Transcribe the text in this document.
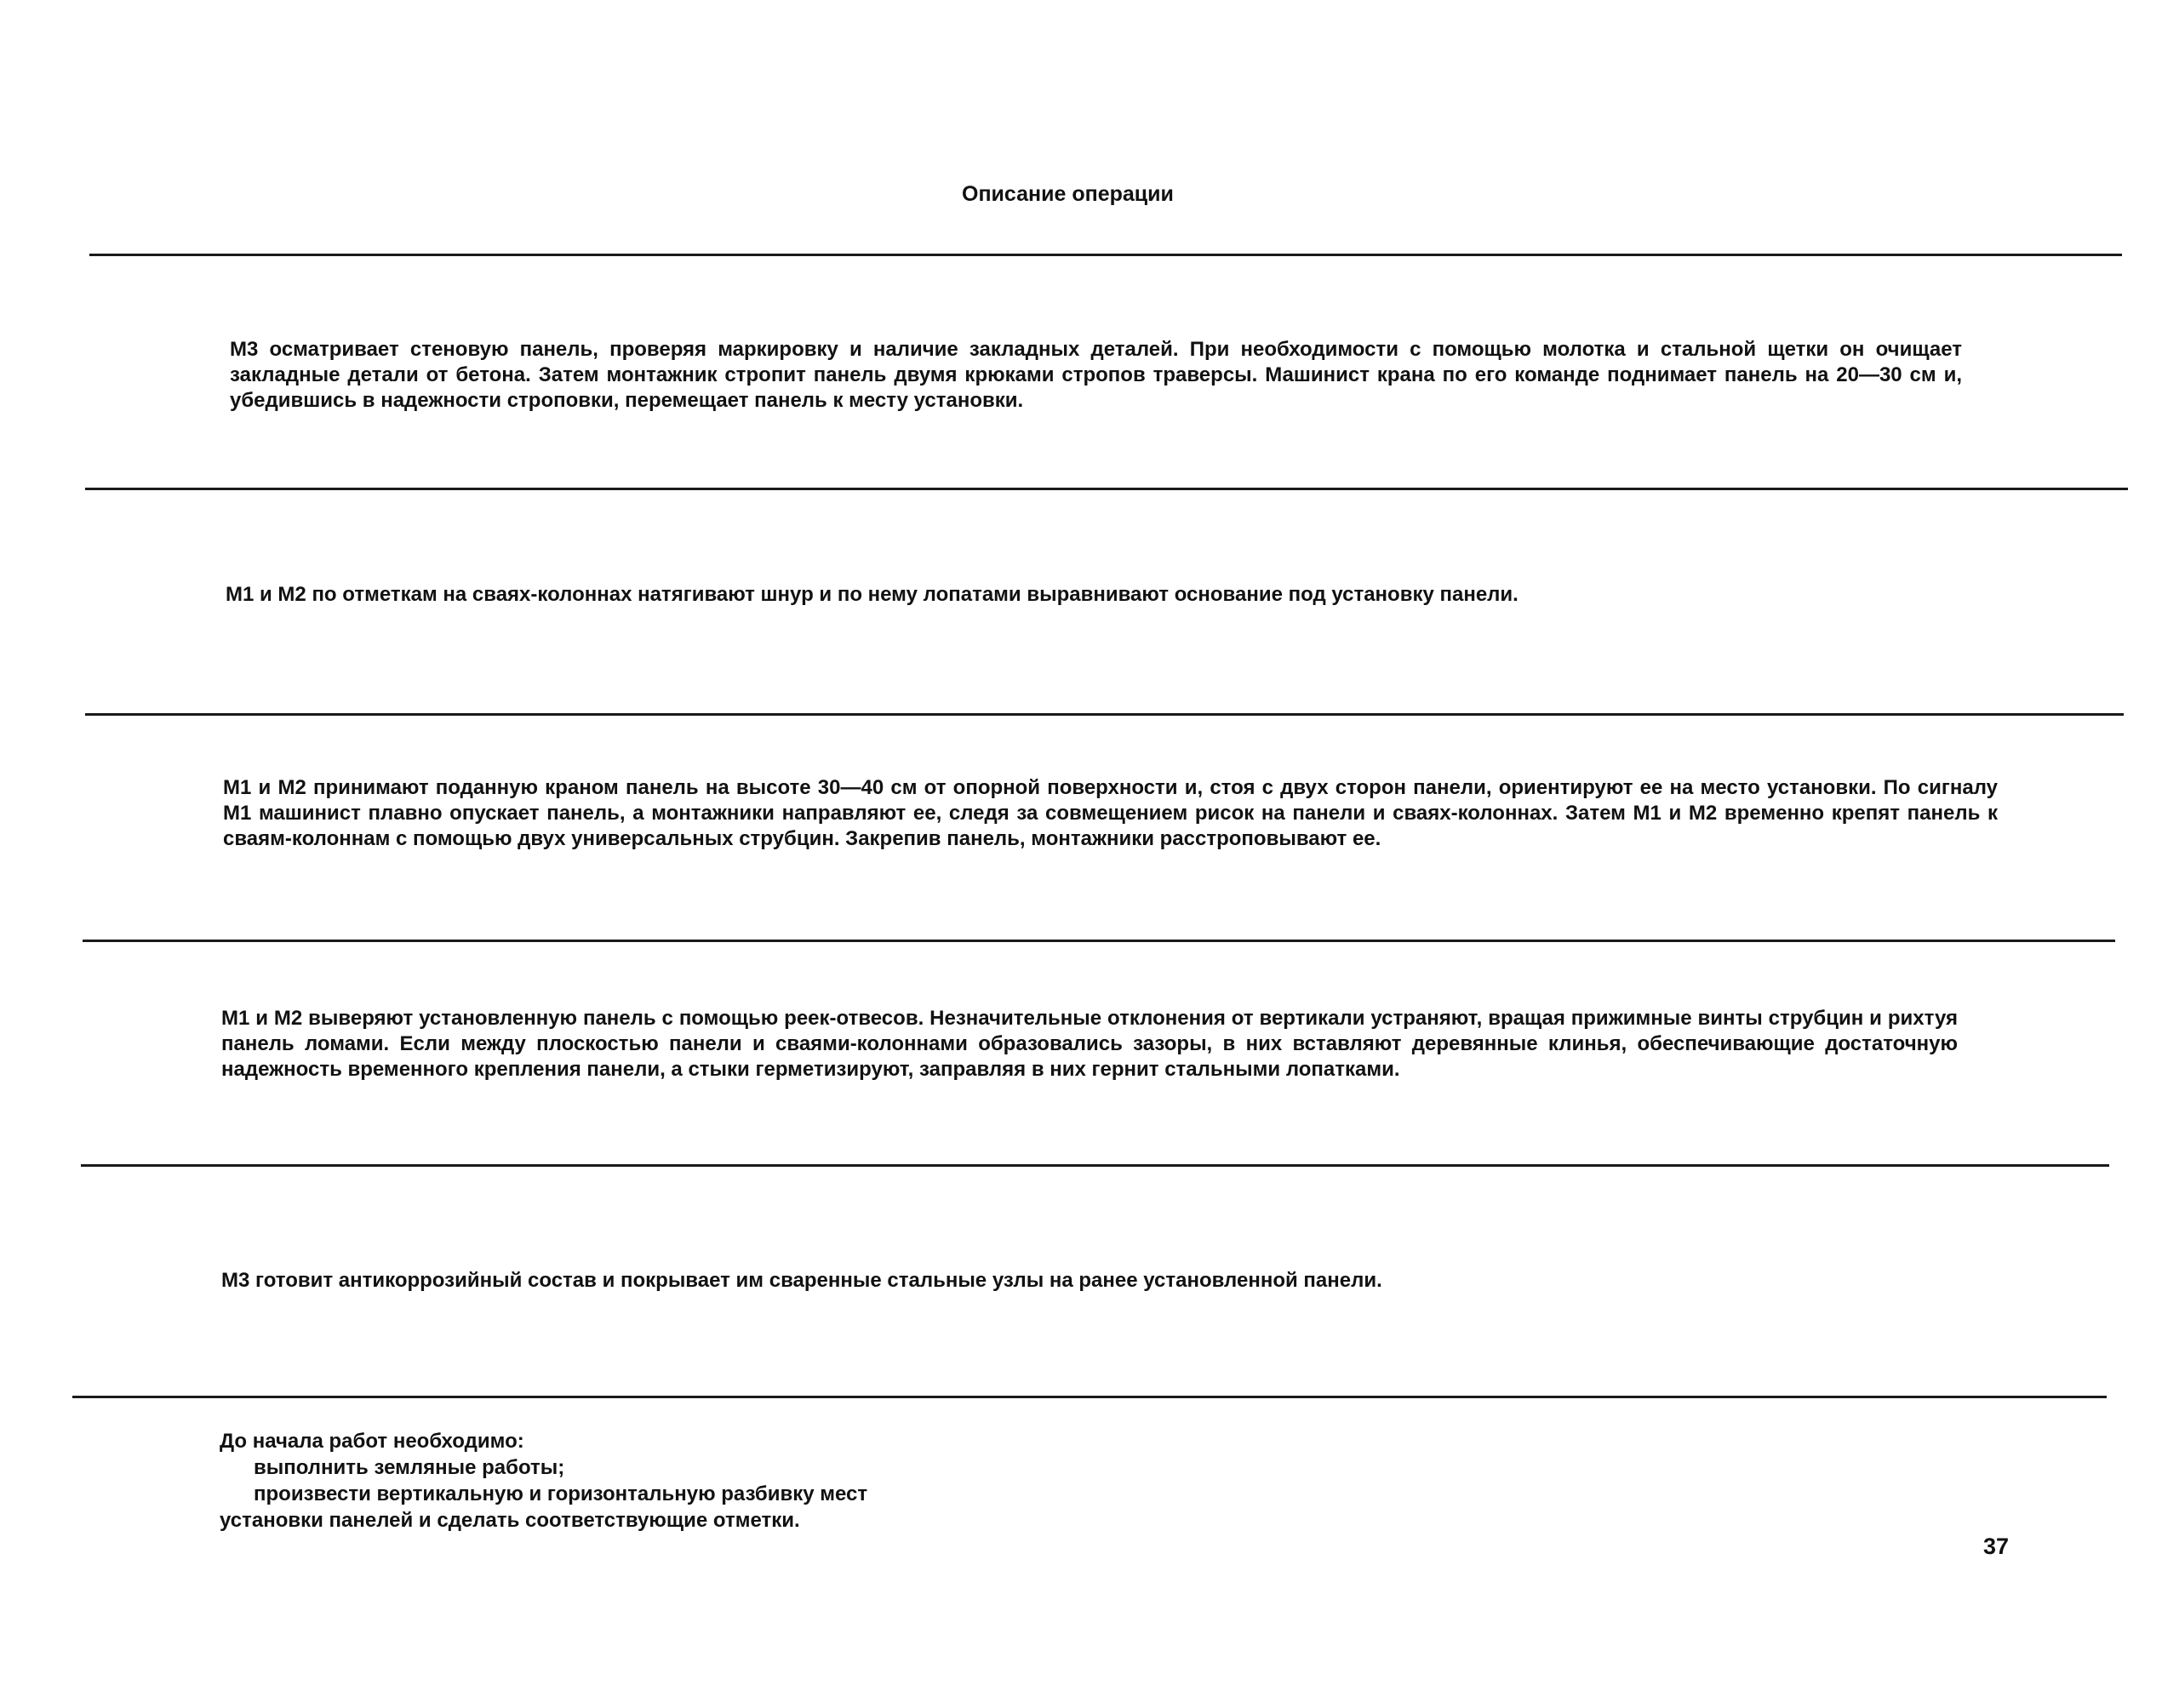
Описание операции
М3 осматривает стеновую панель, проверяя маркировку и наличие закладных деталей. При необходимости с помощью молотка и стальной щетки он очищает закладные детали от бетона. Затем монтажник стропит панель двумя крюками стропов траверсы. Машинист крана по его команде поднимает панель на 20—30 см и, убедившись в надежности строповки, перемещает панель к месту установки.
М1 и М2 по отметкам на сваях-колоннах натягивают шнур и по нему лопатами выравнивают основание под установку панели.
М1 и М2 принимают поданную краном панель на высоте 30—40 см от опорной поверхности и, стоя с двух сторон панели, ориентируют ее на место установки. По сигналу М1 машинист плавно опускает панель, а монтажники направляют ее, следя за совмещением рисок на панели и сваях-колоннах. Затем М1 и М2 временно крепят панель к сваям-колоннам с помощью двух универсальных струбцин. Закрепив панель, монтажники расстроповывают ее.
М1 и М2 выверяют установленную панель с помощью реек-отвесов. Незначительные отклонения от вертикали устраняют, вращая прижимные винты струбцин и рихтуя панель ломами. Если между плоскостью панели и сваями-колоннами образовались зазоры, в них вставляют деревянные клинья, обеспечивающие достаточную надежность временного крепления панели, а стыки герметизируют, заправляя в них гернит стальными лопатками.
М3 готовит антикоррозийный состав и покрывает им сваренные стальные узлы на ранее установленной панели.
До начала работ необходимо:
выполнить земляные работы;
произвести вертикальную и горизонтальную разбивку мест
установки панелей и сделать соответствующие отметки.
37
